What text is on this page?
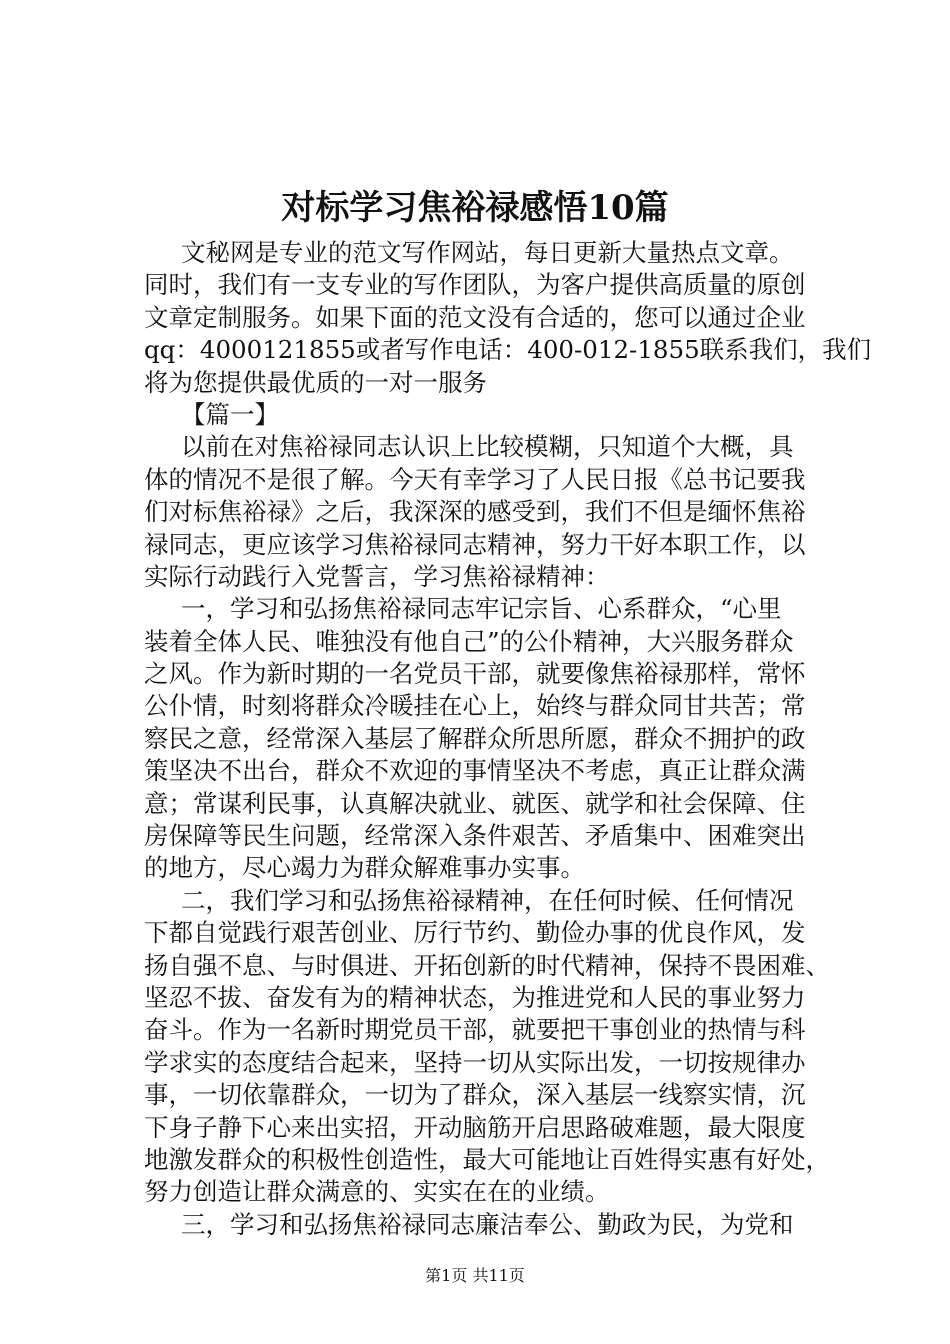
对标学习焦裕禄感悟10篇
文秘网是专业的范文写作网站，每日更新大量热点文章。
同时，我们有一支专业的写作团队，为客户提供高质量的原创
文章定制服务。如果下面的范文没有合适的，您可以通过企业
qq：4000121855或者写作电话：400-012-1855联系我们，我们
将为您提供最优质的一对一服务
【篇一】
以前在对焦裕禄同志认识上比较模糊，只知道个大概，具
体的情况不是很了解。今天有幸学习了人民日报《总书记要我
们对标焦裕禄》之后，我深深的感受到，我们不但是缅怀焦裕
禄同志，更应该学习焦裕禄同志精神，努力干好本职工作，以
实际行动践行入党誓言，学习焦裕禄精神：
一，学习和弘扬焦裕禄同志牢记宗旨、心系群众，“心里
装着全体人民、唯独没有他自己”的公仆精神，大兴服务群众
之风。作为新时期的一名党员干部，就要像焦裕禄那样，常怀
公仆情，时刻将群众冷暖挂在心上，始终与群众同甘共苦；常
察民之意，经常深入基层了解群众所思所愿，群众不拥护的政
策坚决不出台，群众不欢迎的事情坚决不考虑，真正让群众满
意；常谋利民事，认真解决就业、就医、就学和社会保障、住
房保障等民生问题，经常深入条件艰苦、矛盾集中、困难突出
的地方，尽心竭力为群众解难事办实事。
二，我们学习和弘扬焦裕禄精神，在任何时候、任何情况
下都自觉践行艰苦创业、厉行节约、勤俭办事的优良作风，发
扬自强不息、与时俱进、开拓创新的时代精神，保持不畏困难、
坚忍不拔、奋发有为的精神状态，为推进党和人民的事业努力
奋斗。作为一名新时期党员干部，就要把干事创业的热情与科
学求实的态度结合起来，坚持一切从实际出发，一切按规律办
事，一切依靠群众，一切为了群众，深入基层一线察实情，沉
下身子静下心来出实招，开动脑筋开启思路破难题，最大限度
地激发群众的积极性创造性，最大可能地让百姓得实惠有好处，
努力创造让群众满意的、实实在在的业绩。
三，学习和弘扬焦裕禄同志廉洁奉公、勤政为民，为党和
第1页 共11页
